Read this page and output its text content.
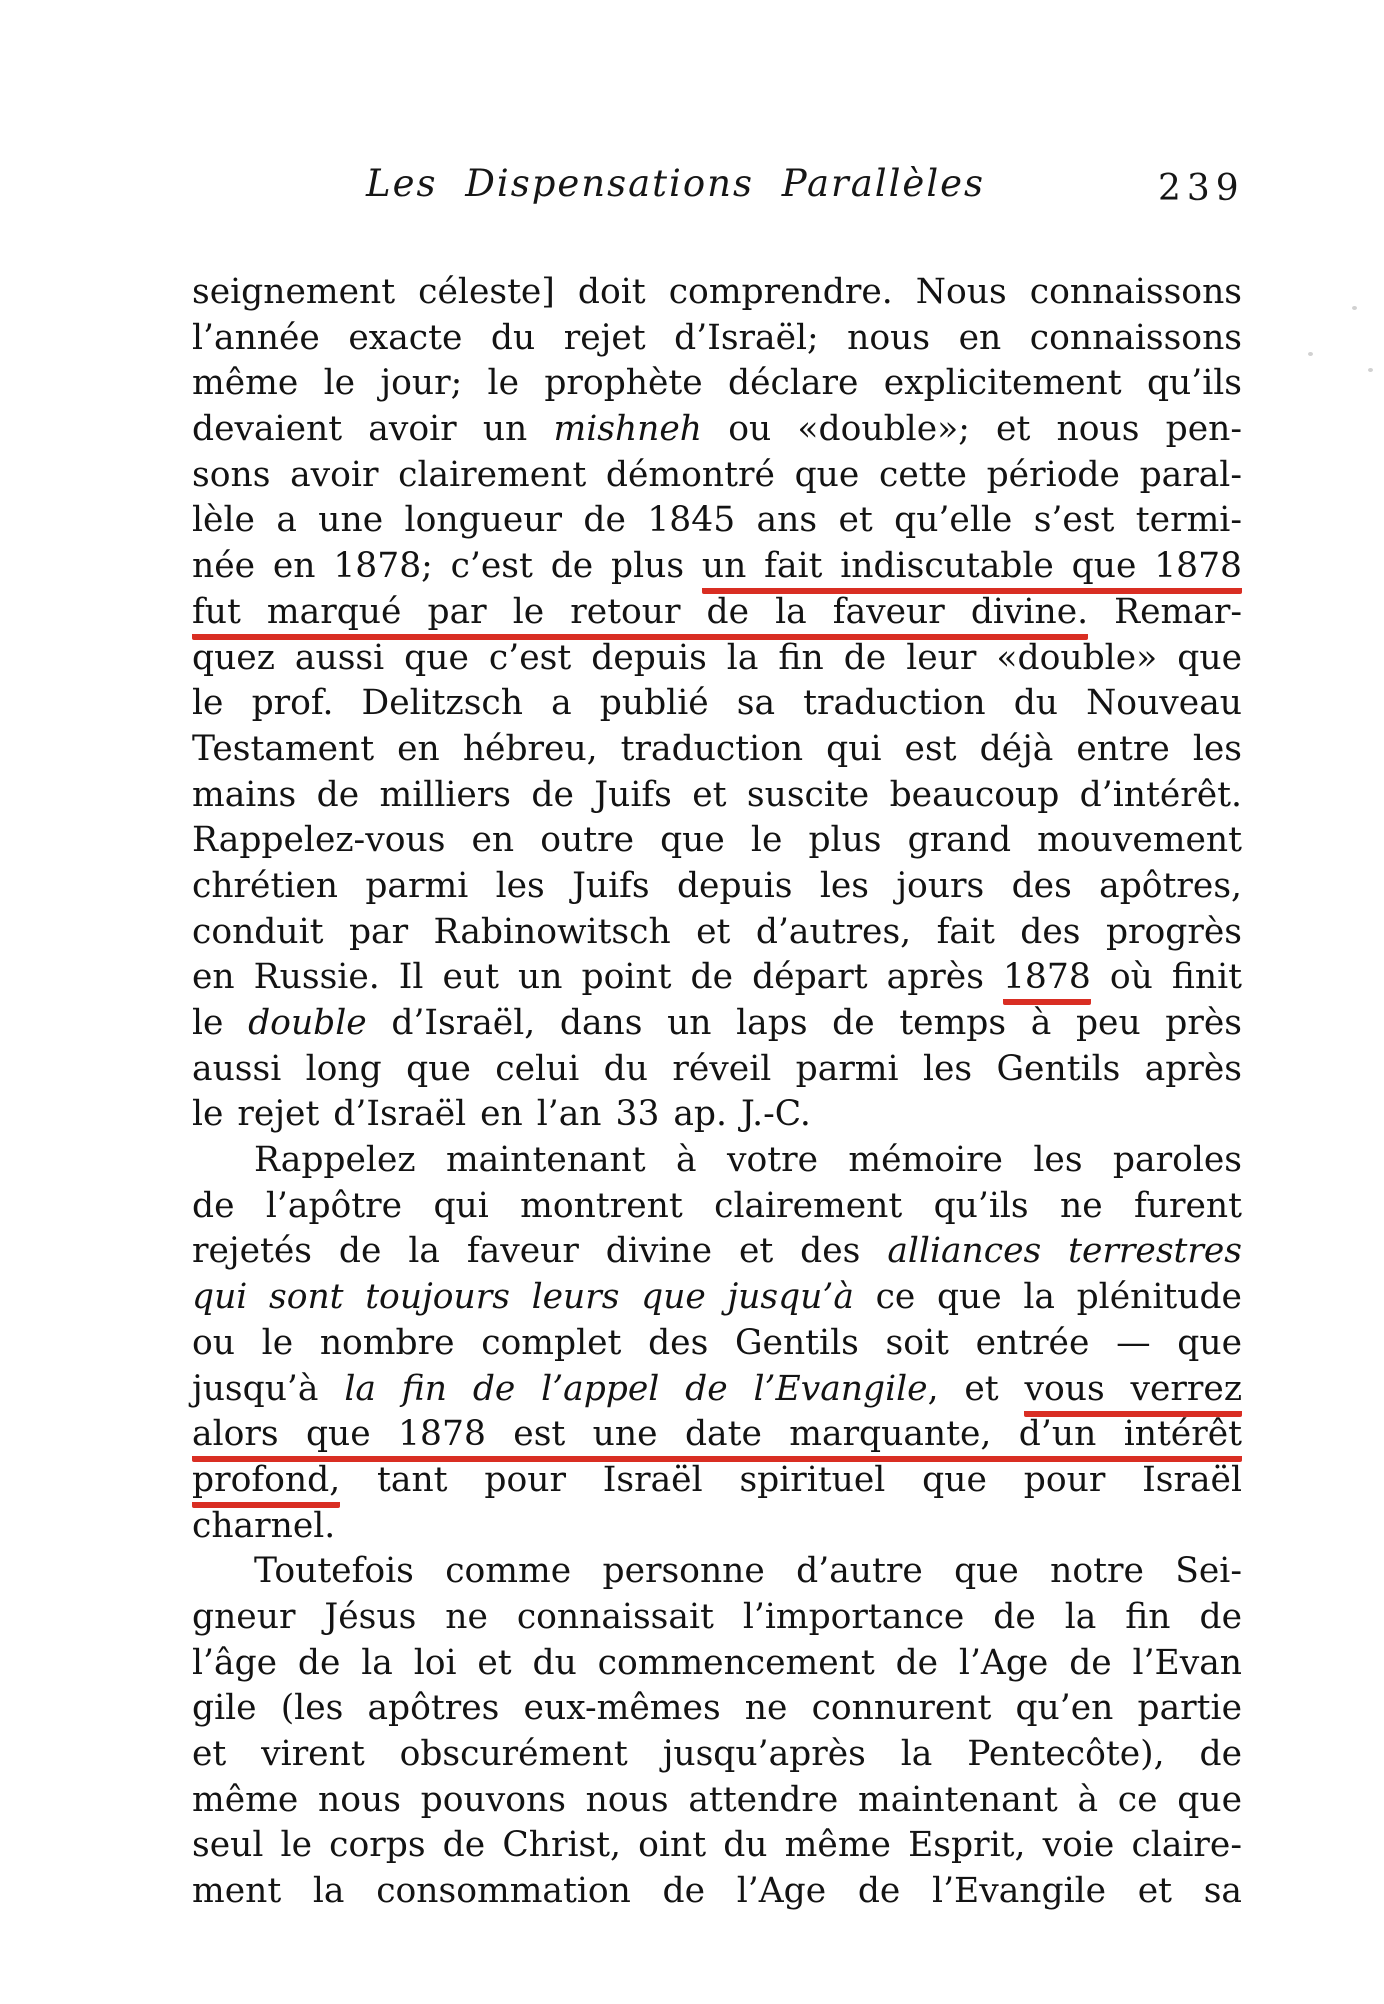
Les Dispensations Parallèles	239
seignement céleste] doit comprendre. Nous connaissons
l’année exacte du rejet d’Israël; nous en connaissons
même le jour; le prophète déclare explicitement qu’ils
devaient avoir un mishneh ou «double»; et nous pen-
sons avoir clairement démontré que cette période paral-
lèle a une longueur de 1845 ans et qu’elle s’est termi-
née en 1878; c’est de plus un fait indiscutable que 1878
fut marqué par le retour de la faveur divine. Remar-
quez aussi que c’est depuis la fin de leur «double» que
le prof. Delitzsch a publié sa traduction du Nouveau
Testament en hébreu, traduction qui est déjà entre les
mains de milliers de Juifs et suscite beaucoup d’intérêt.
Rappelez-vous en outre que le plus grand mouvement
chrétien parmi les Juifs depuis les jours des apôtres,
conduit par Rabinowitsch et d’autres, fait des progrès
en Russie. Il eut un point de départ après 1878 où finit
le double d’Israël, dans un laps de temps à peu près
aussi long que celui du réveil parmi les Gentils après
le rejet d’Israël en l’an 33 ap. J.-C.
Rappelez maintenant à votre mémoire les paroles
de l’apôtre qui montrent clairement qu’ils ne furent
rejetés de la faveur divine et des alliances terrestres
qui sont toujours leurs que jusqu’à ce que la plénitude
ou le nombre complet des Gentils soit entrée — que
jusqu’à la fin de l’appel de l’Evangile, et vous verrez
alors que 1878 est une date marquante, d’un intérêt
profond, tant pour Israël spirituel que pour Israël
charnel.
Toutefois comme personne d’autre que notre Sei-
gneur Jésus ne connaissait l’importance de la fin de
l’âge de la loi et du commencement de l’Age de l’Evan
gile (les apôtres eux-mêmes ne connurent qu’en partie
et virent obscurément jusqu’après la Pentecôte), de
même nous pouvons nous attendre maintenant à ce que
seul le corps de Christ, oint du même Esprit, voie claire-
ment la consommation de l’Age de l’Evangile et sa
